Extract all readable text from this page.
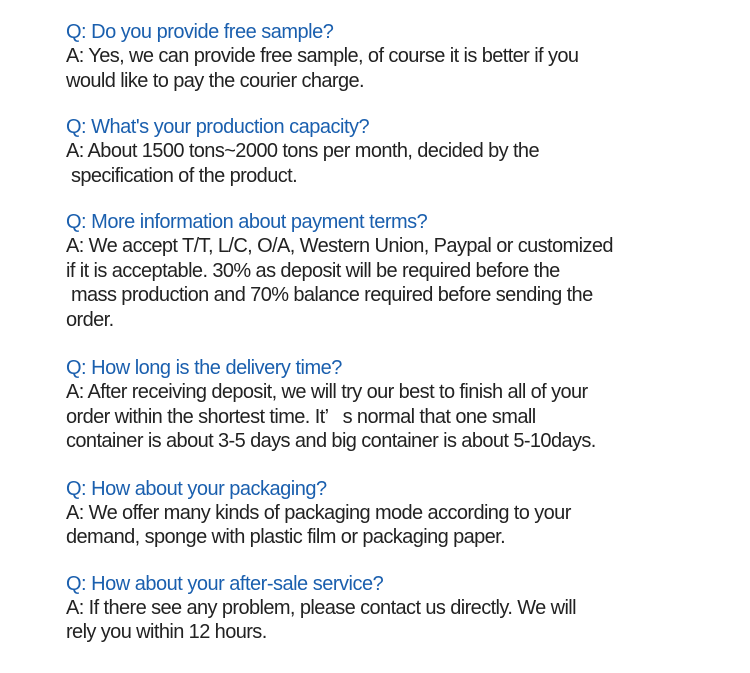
Q: Do you provide free sample?

A: Yes, we can provide free sample, of course it is better if you
would like to pay the courier charge.

Q: What's your production capacity?

A: About 1500 tons~2000 tons per month, decided by the
specification of the product.

Q: More information about payment terms?

A: We accept T/T, L/C, O/A, Western Union, Paypal or customized
if it is acceptable. 30% as deposit will be required before the
mass production and 70% balance required before sending the
order.

Q: How long is the delivery time?

A: After receiving deposit, we will try our best to finish all of your
order within the shortest time. It’   s normal that one small
container is about 3-5 days and big container is about 5-10days.

Q: How about your packaging?

A: We offer many kinds of packaging mode according to your
demand, sponge with plastic film or packaging paper.

Q: How about your after-sale service?

A: If there see any problem, please contact us directly. We will
rely you within 12 hours.
